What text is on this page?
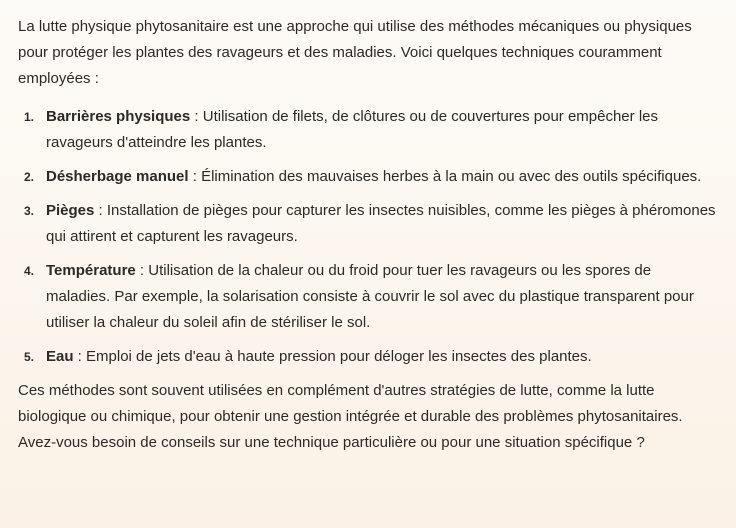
La lutte physique phytosanitaire est une approche qui utilise des méthodes mécaniques ou physiques pour protéger les plantes des ravageurs et des maladies. Voici quelques techniques couramment employées :

1. Barrières physiques : Utilisation de filets, de clôtures ou de couvertures pour empêcher les ravageurs d'atteindre les plantes.
2. Désherbage manuel : Élimination des mauvaises herbes à la main ou avec des outils spécifiques.
3. Pièges : Installation de pièges pour capturer les insectes nuisibles, comme les pièges à phéromones qui attirent et capturent les ravageurs.
4. Température : Utilisation de la chaleur ou du froid pour tuer les ravageurs ou les spores de maladies. Par exemple, la solarisation consiste à couvrir le sol avec du plastique transparent pour utiliser la chaleur du soleil afin de stériliser le sol.
5. Eau : Emploi de jets d'eau à haute pression pour déloger les insectes des plantes.

Ces méthodes sont souvent utilisées en complément d'autres stratégies de lutte, comme la lutte biologique ou chimique, pour obtenir une gestion intégrée et durable des problèmes phytosanitaires. Avez-vous besoin de conseils sur une technique particulière ou pour une situation spécifique ?
